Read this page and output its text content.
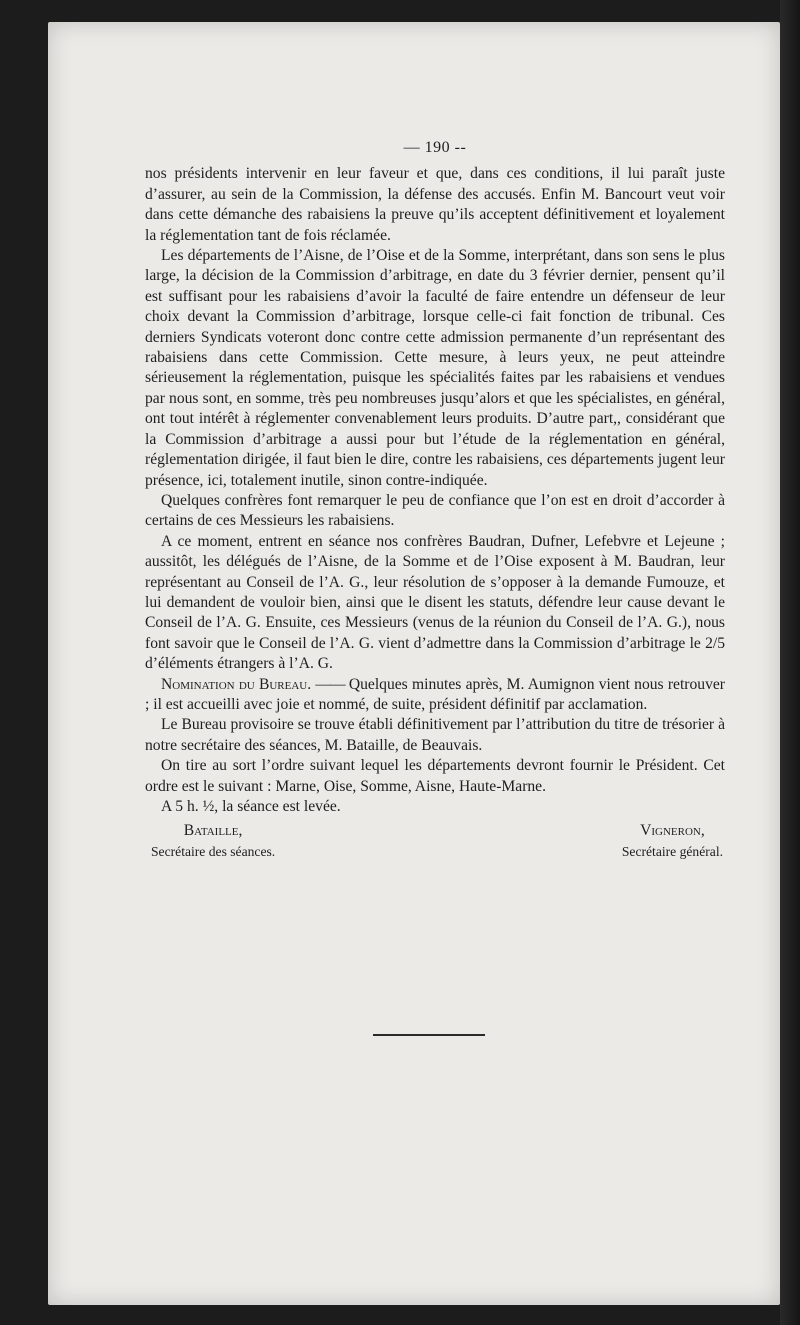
— 190 --

nos présidents intervenir en leur faveur et que, dans ces conditions, il lui paraît juste d’assurer, au sein de la Commission, la défense des accusés. Enfin M. Bancourt veut voir dans cette démanche des rabaisiens la preuve qu’ils acceptent définitivement et loyalement la réglementation tant de fois réclamée.

Les départements de l’Aisne, de l’Oise et de la Somme, interprétant, dans son sens le plus large, la décision de la Commission d’arbitrage, en date du 3 février dernier, pensent qu’il est suffisant pour les rabaisiens d’avoir la faculté de faire entendre un défenseur de leur choix devant la Commission d’arbitrage, lorsque celle-ci fait fonction de tribunal. Ces derniers Syndicats voteront donc contre cette admission permanente d’un représentant des rabaisiens dans cette Commission. Cette mesure, à leurs yeux, ne peut atteindre sérieusement la réglementation, puisque les spécialités faites par les rabaisiens et vendues par nous sont, en somme, très peu nombreuses jusqu’alors et que les spécialistes, en général, ont tout intérêt à réglementer convenablement leurs produits. D’autre part,, considérant que la Commission d’arbitrage a aussi pour but l’étude de la réglementation en général, réglementation dirigée, il faut bien le dire, contre les rabaisiens, ces départements jugent leur présence, ici, totalement inutile, sinon contre-indiquée.

Quelques confrères font remarquer le peu de confiance que l’on est en droit d’accorder à certains de ces Messieurs les rabaisiens.

A ce moment, entrent en séance nos confrères Baudran, Dufner, Lefebvre et Lejeune ; aussitôt, les délégués de l’Aisne, de la Somme et de l’Oise exposent à M. Baudran, leur représentant au Conseil de l’A. G., leur résolution de s’opposer à la demande Fumouze, et lui demandent de vouloir bien, ainsi que le disent les statuts, défendre leur cause devant le Conseil de l’A. G. Ensuite, ces Messieurs (venus de la réunion du Conseil de l’A. G.), nous font savoir que le Conseil de l’A. G. vient d’admettre dans la Commission d’arbitrage le 2/5 d’éléments étrangers à l’A. G.

Nomination du Bureau. —— Quelques minutes après, M. Aumignon vient nous retrouver ; il est accueilli avec joie et nommé, de suite, président définitif par acclamation.

Le Bureau provisoire se trouve établi définitivement par l’attribution du titre de trésorier à notre secrétaire des séances, M. Bataille, de Beauvais.

On tire au sort l’ordre suivant lequel les départements devront fournir le Président. Cet ordre est le suivant : Marne, Oise, Somme, Aisne, Haute-Marne.

A 5 h. ½, la séance est levée.

Bataille,
Secrétaire des séances.
Vigneron,
Secrétaire général.
